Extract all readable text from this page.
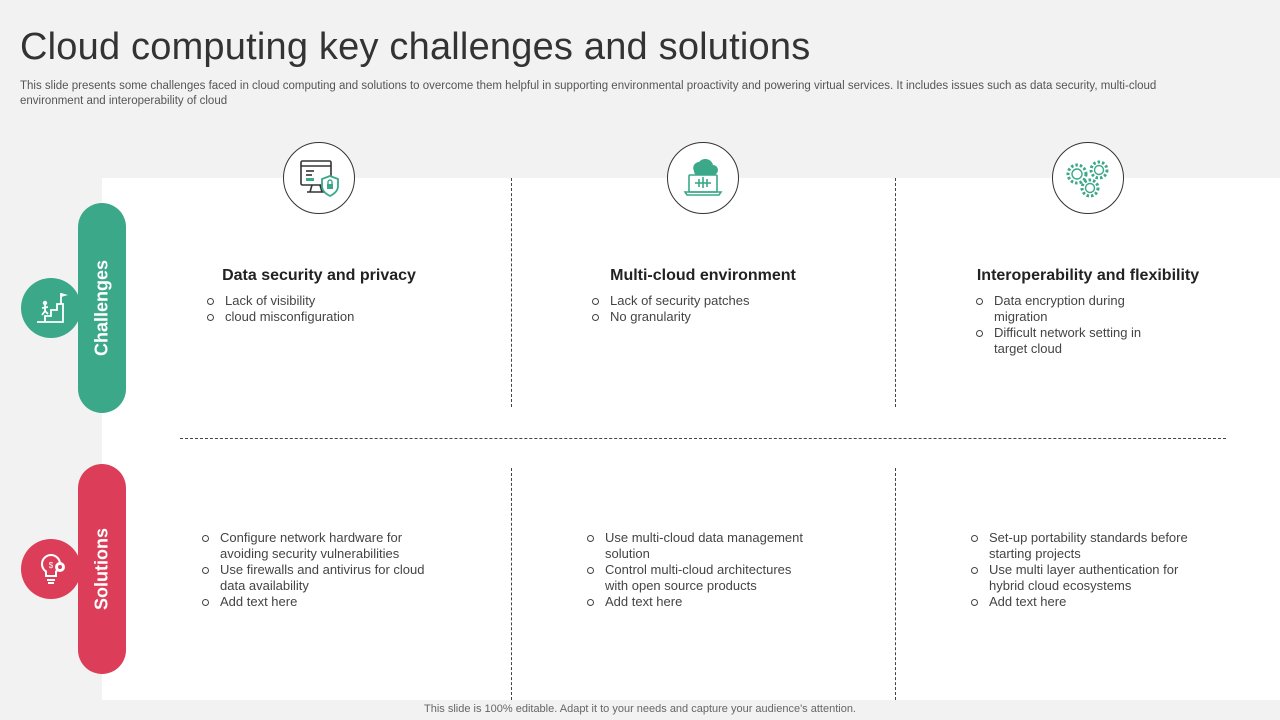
Cloud computing key challenges and solutions

This slide presents some challenges faced in cloud computing and solutions to overcome them helpful in supporting environmental proactivity and powering virtual services. It includes issues such as data security, multi-cloud environment and interoperability of cloud

Challenges
Solutions
$
Data security and privacy
Lack of visibility
cloud misconfiguration
Configure network hardware for avoiding security vulnerabilities
Use firewalls and antivirus for cloud data availability
Add text here
Multi-cloud environment
Lack of security patches
No granularity
Use multi-cloud data management solution
Control multi-cloud architectures with open source products
Add text here
Interoperability and flexibility
Data encryption during migration
Difficult network setting in target cloud
Set-up portability standards before starting projects
Use multi layer authentication for hybrid cloud ecosystems
Add text here
This slide is 100% editable. Adapt it to your needs and capture your audience's attention.
